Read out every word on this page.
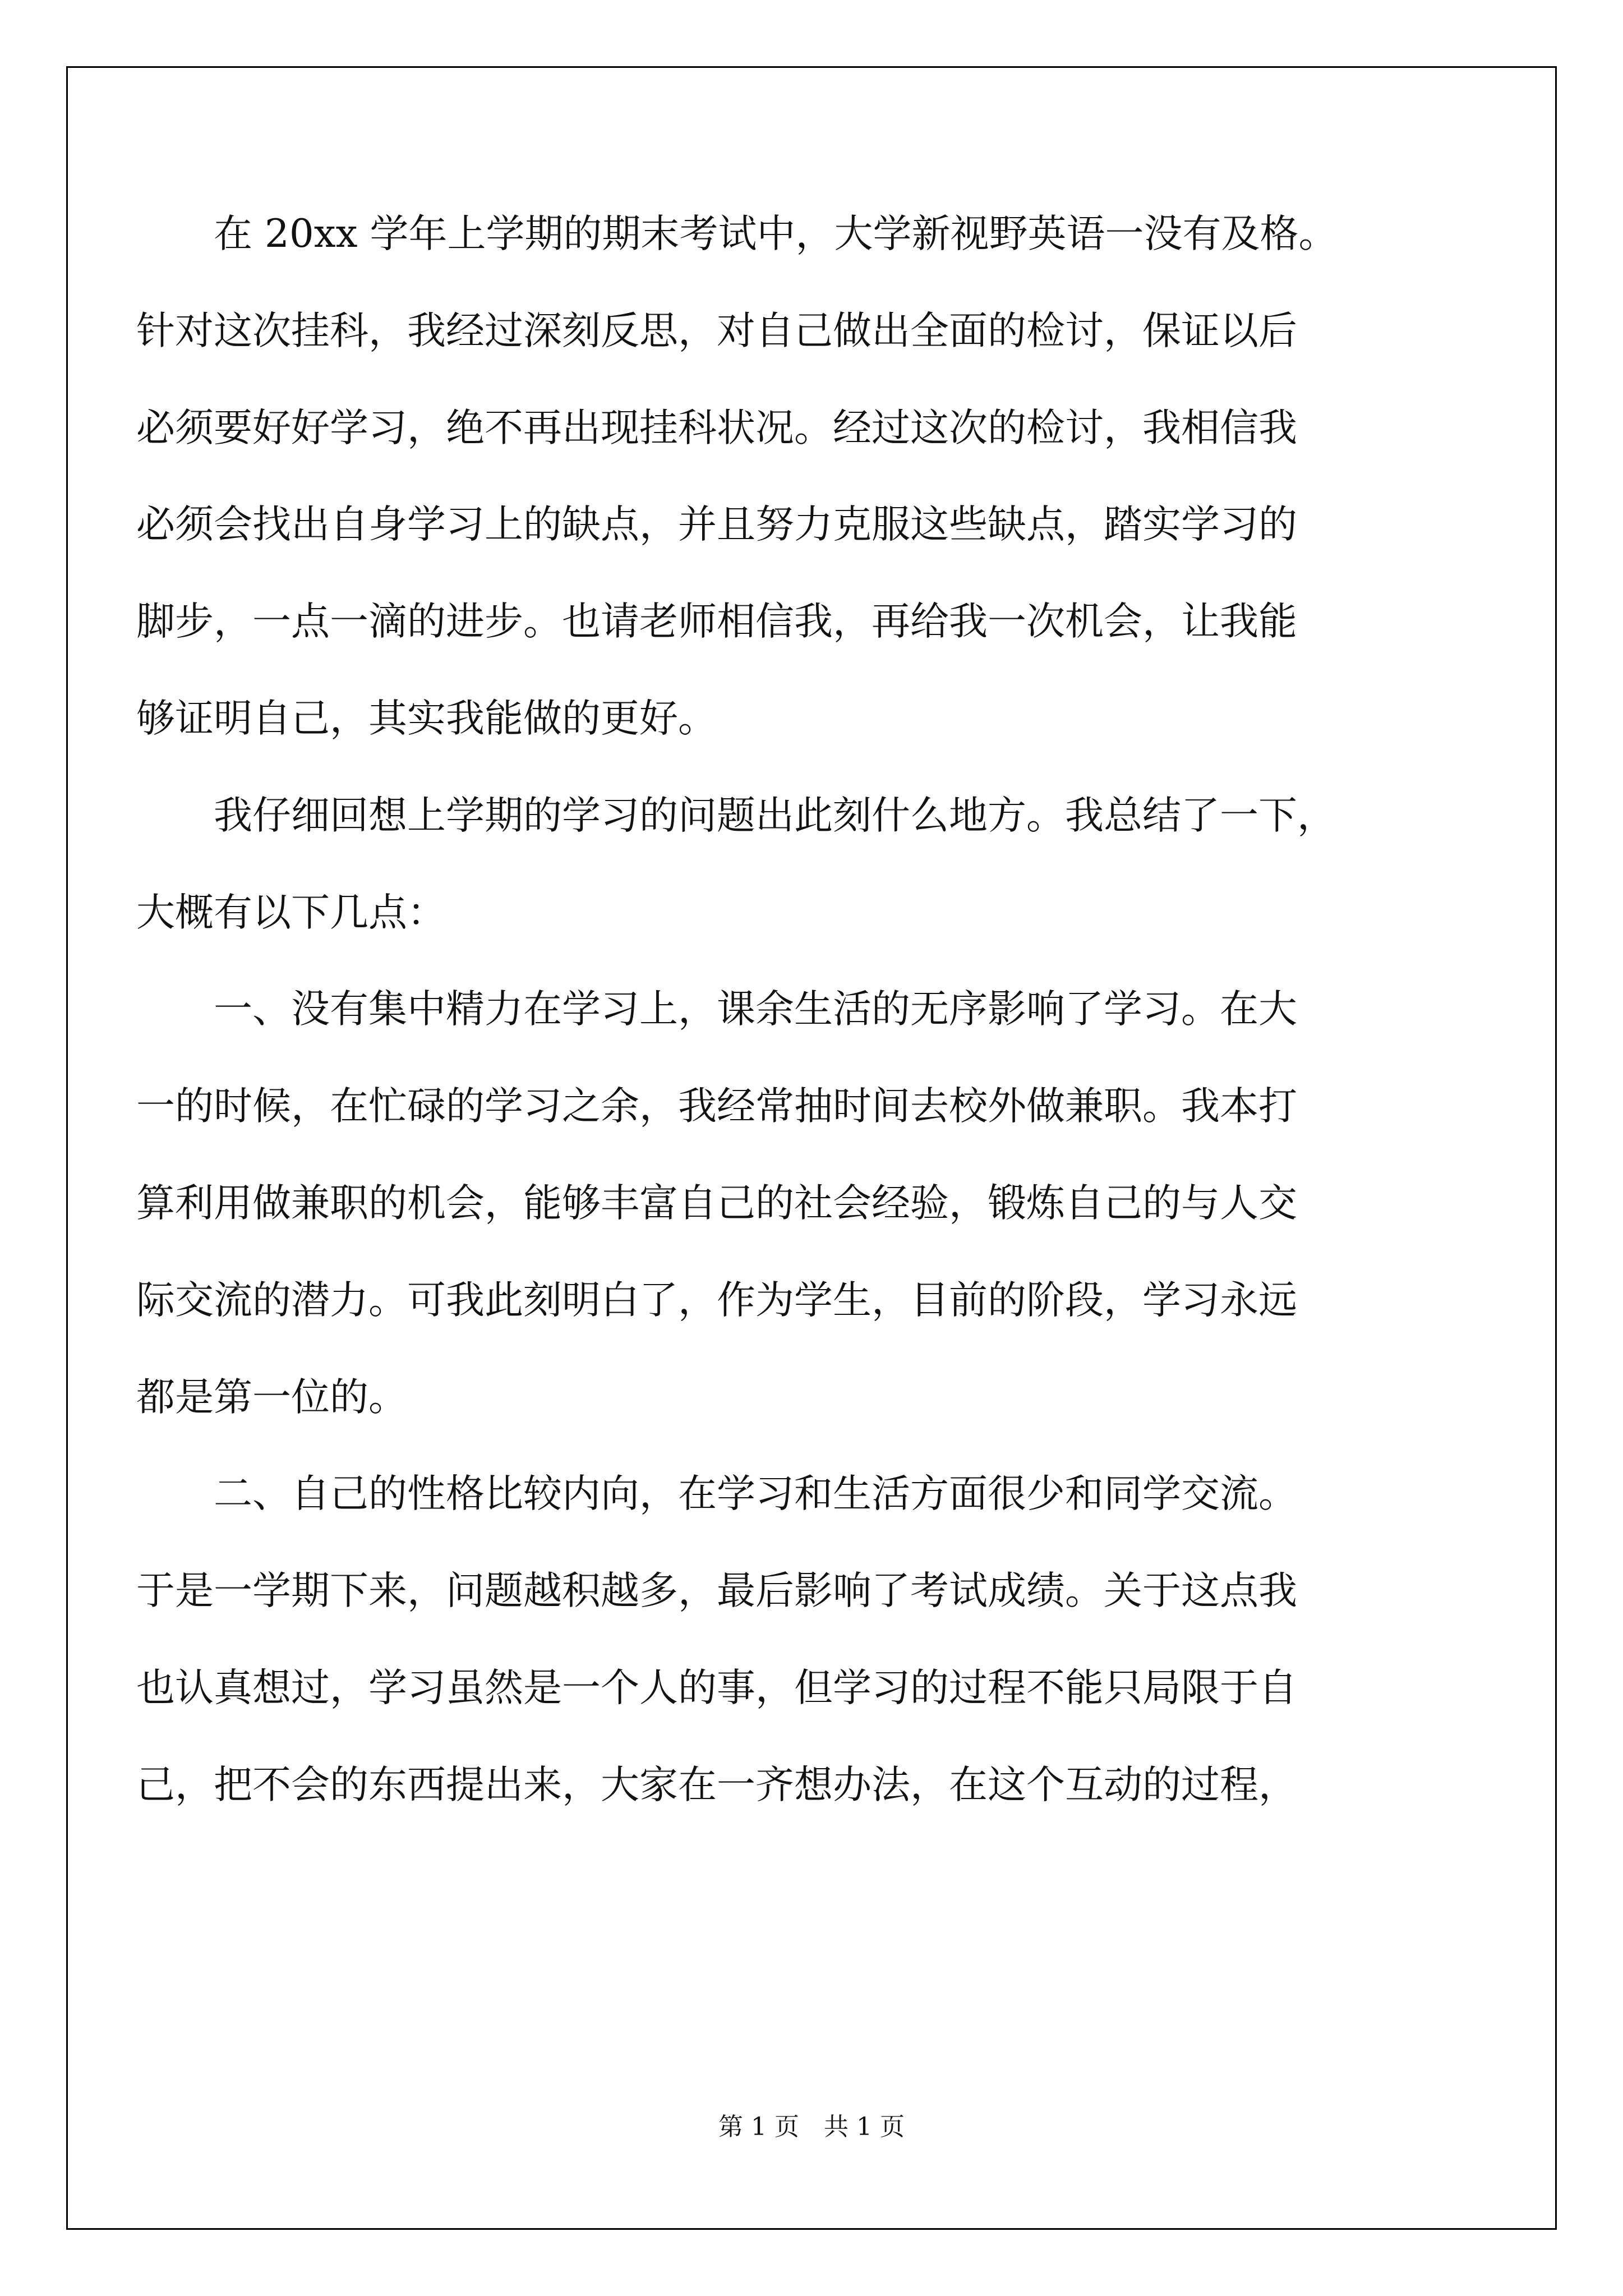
在 20xx 学年上学期的期末考试中，大学新视野英语一没有及格。
针对这次挂科，我经过深刻反思，对自己做出全面的检讨，保证以后
必须要好好学习，绝不再出现挂科状况。经过这次的检讨，我相信我
必须会找出自身学习上的缺点，并且努力克服这些缺点，踏实学习的
脚步，一点一滴的进步。也请老师相信我，再给我一次机会，让我能
够证明自己，其实我能做的更好。
我仔细回想上学期的学习的问题出此刻什么地方。我总结了一下，
大概有以下几点：
一、没有集中精力在学习上，课余生活的无序影响了学习。在大
一的时候，在忙碌的学习之余，我经常抽时间去校外做兼职。我本打
算利用做兼职的机会，能够丰富自己的社会经验，锻炼自己的与人交
际交流的潜力。可我此刻明白了，作为学生，目前的阶段，学习永远
都是第一位的。
二、自己的性格比较内向，在学习和生活方面很少和同学交流。
于是一学期下来，问题越积越多，最后影响了考试成绩。关于这点我
也认真想过，学习虽然是一个人的事，但学习的过程不能只局限于自
己，把不会的东西提出来，大家在一齐想办法，在这个互动的过程，
第 1 页 共 1 页
